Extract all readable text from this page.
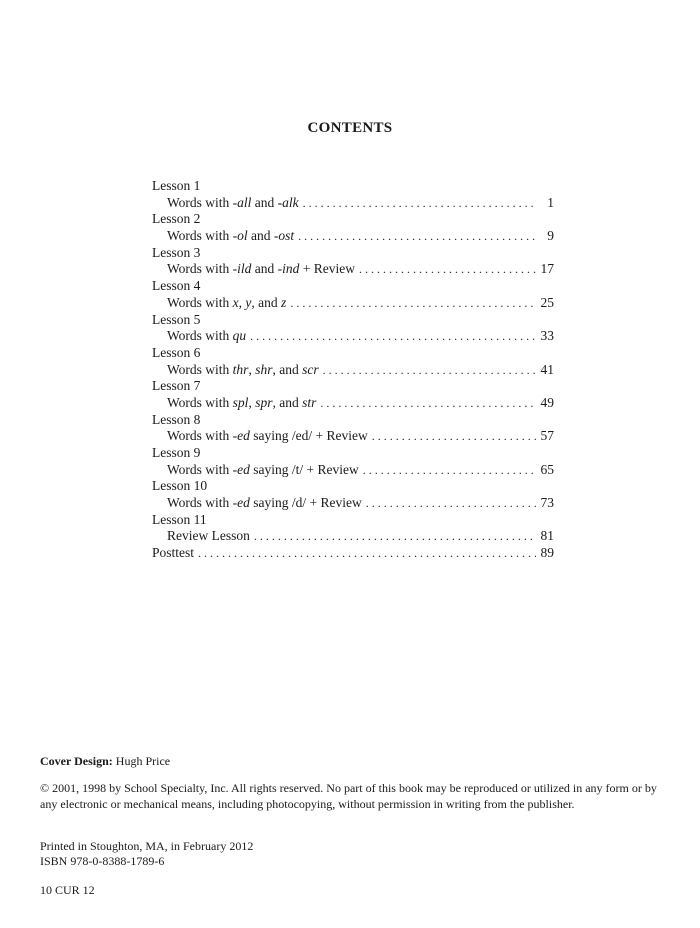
CONTENTS
Lesson 1
Words with -all and -alk . . .	1
Lesson 2
Words with -ol and -ost . . .	9
Lesson 3
Words with -ild and -ind + Review . . .	17
Lesson 4
Words with x, y, and z . . .	25
Lesson 5
Words with qu . . .	33
Lesson 6
Words with thr, shr, and scr . . .	41
Lesson 7
Words with spl, spr, and str . . .	49
Lesson 8
Words with -ed saying /ed/ + Review . . .	57
Lesson 9
Words with -ed saying /t/ + Review . . .	65
Lesson 10
Words with -ed saying /d/ + Review . . .	73
Lesson 11
Review Lesson . . .	81
Posttest . . .	89
Cover Design: Hugh Price
© 2001, 1998 by School Specialty, Inc. All rights reserved. No part of this book may be reproduced or utilized in any form or by any electronic or mechanical means, including photocopying, without permission in writing from the publisher.
Printed in Stoughton, MA, in February 2012
ISBN 978-0-8388-1789-6
10 CUR 12
